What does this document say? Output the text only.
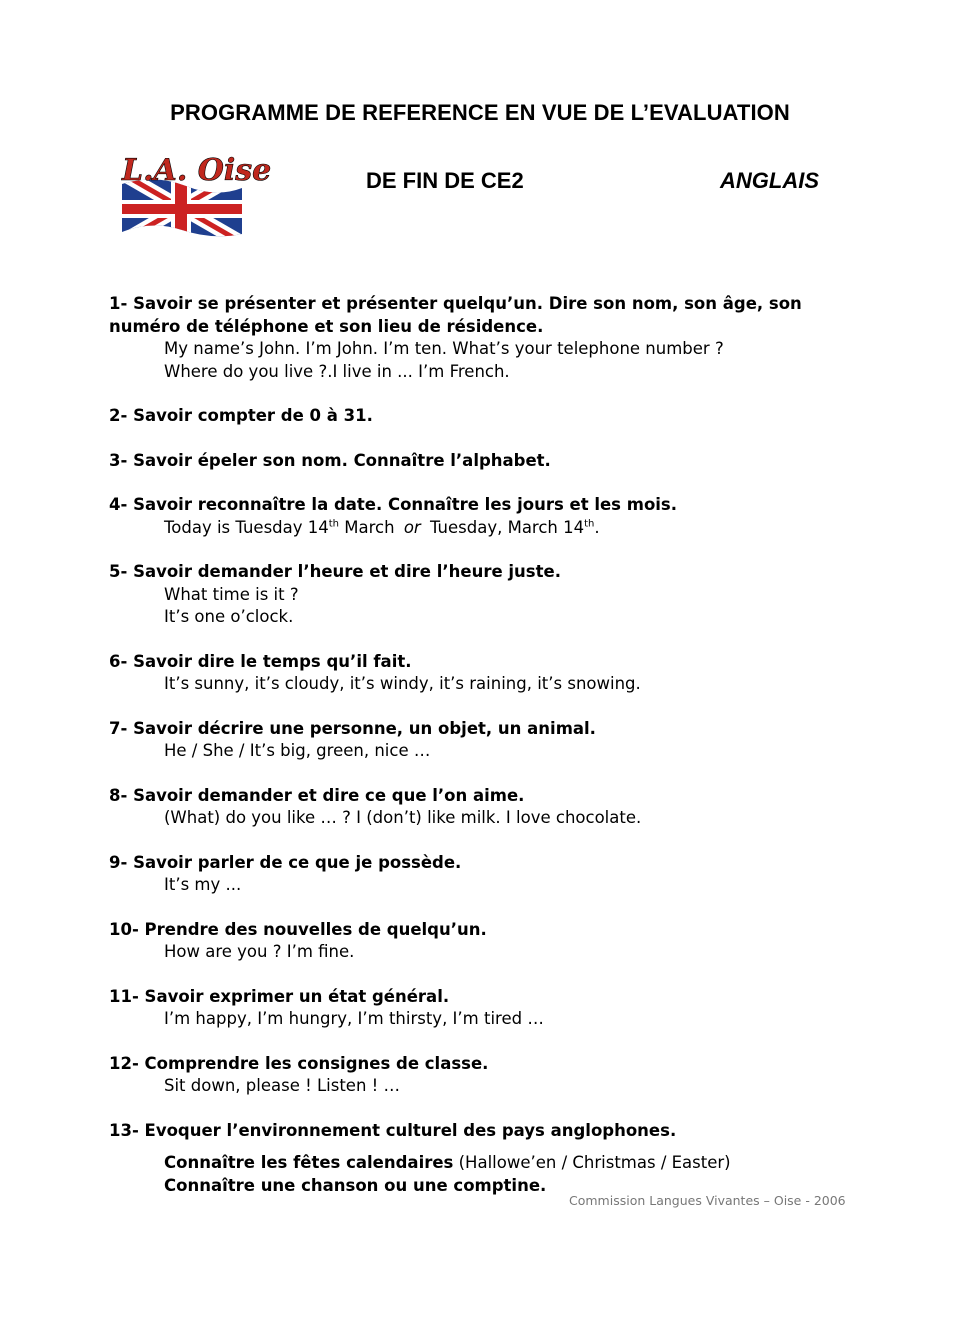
PROGRAMME DE REFERENCE EN VUE DE L’EVALUATION
L.A. Oise	DE FIN DE CE2	ANGLAIS
1- Savoir se présenter et présenter quelqu’un. Dire son nom, son âge, son numéro de téléphone et son lieu de résidence.

My name’s John. I’m John. I’m ten. What’s your telephone number ?

Where do you live ?.I live in ... I’m French.

2- Savoir compter de 0 à 31.
3- Savoir épeler son nom. Connaître l’alphabet.
4- Savoir reconnaître la date. Connaître les jours et les mois.

Today is Tuesday 14th March or Tuesday, March 14th.

5- Savoir demander l’heure et dire l’heure juste.

What time is it ?

It’s one o’clock.

6- Savoir dire le temps qu’il fait.

It’s sunny, it’s cloudy, it’s windy, it’s raining, it’s snowing.

7- Savoir décrire une personne, un objet, un animal.

He / She / It’s big, green, nice …

8- Savoir demander et dire ce que l’on aime.

(What) do you like … ? I (don’t) like milk. I love chocolate.

9- Savoir parler de ce que je possède.

It’s my ...

10- Prendre des nouvelles de quelqu’un.

How are you ? I’m fine.

11- Savoir exprimer un état général.

I’m happy, I’m hungry, I’m thirsty, I’m tired …

12- Comprendre les consignes de classe.

Sit down, please ! Listen ! …

13- Evoquer l’environnement culturel des pays anglophones.
Connaître les fêtes calendaires (Hallowe’en / Christmas / Easter)
Connaître une chanson ou une comptine.
Commission Langues Vivantes – Oise - 2006
